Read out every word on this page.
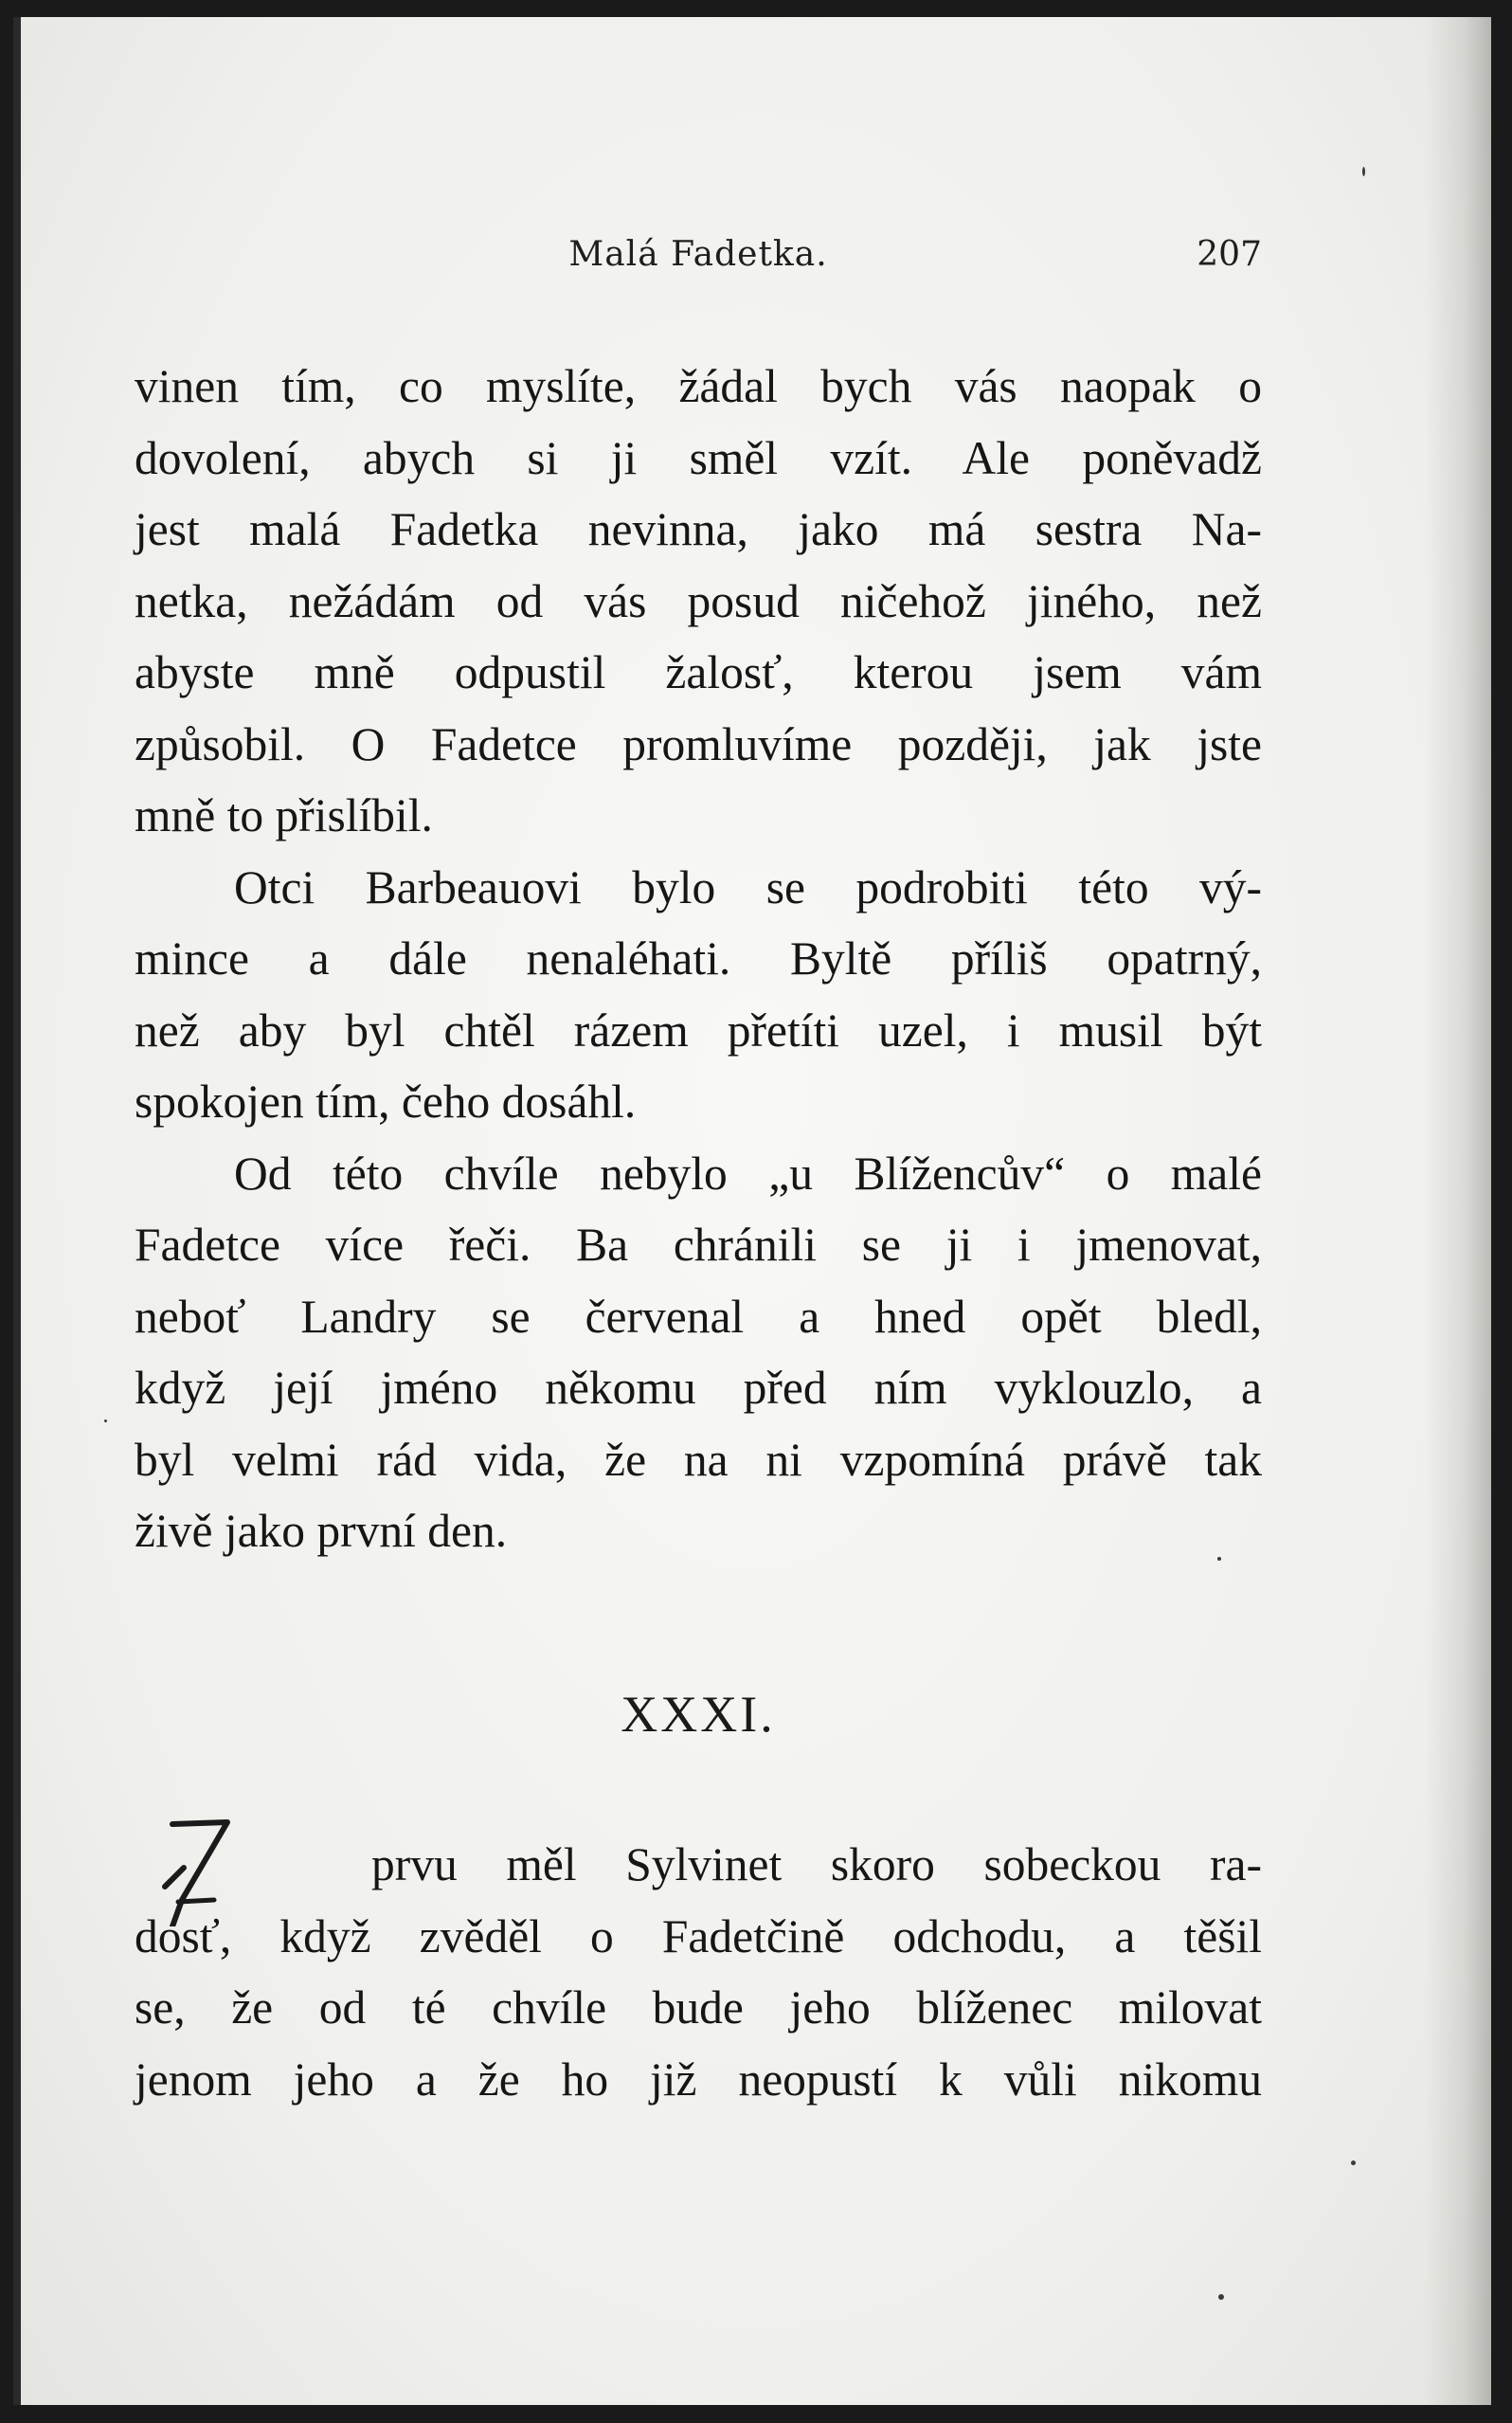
Malá Fadetka.	207
vinen tím, co myslíte, žádal bych vás naopak o
dovolení, abych si ji směl vzít. Ale poněvadž
jest malá Fadetka nevinna, jako má sestra Na-
netka, nežádám od vás posud ničehož jiného, než
abyste mně odpustil žalosť, kterou jsem vám
způsobil. O Fadetce promluvíme později, jak jste
mně to přislíbil.
Otci Barbeauovi bylo se podrobiti této vý-
mince a dále nenaléhati. Byltě příliš opatrný,
než aby byl chtěl rázem přetíti uzel, i musil být
spokojen tím, čeho dosáhl.
Od této chvíle nebylo „u Blížencův“ o malé
Fadetce více řeči. Ba chránili se ji i jmenovat,
neboť Landry se červenal a hned opět bledl,
když její jméno někomu před ním vyklouzlo, a
byl velmi rád vida, že na ni vzpomíná právě tak
živě jako první den.
XXXI.
prvu měl Sylvinet skoro sobeckou ra-
dosť, když zvěděl o Fadetčině odchodu, a těšil
se, že od té chvíle bude jeho blíženec milovat
jenom jeho a že ho již neopustí k vůli nikomu
